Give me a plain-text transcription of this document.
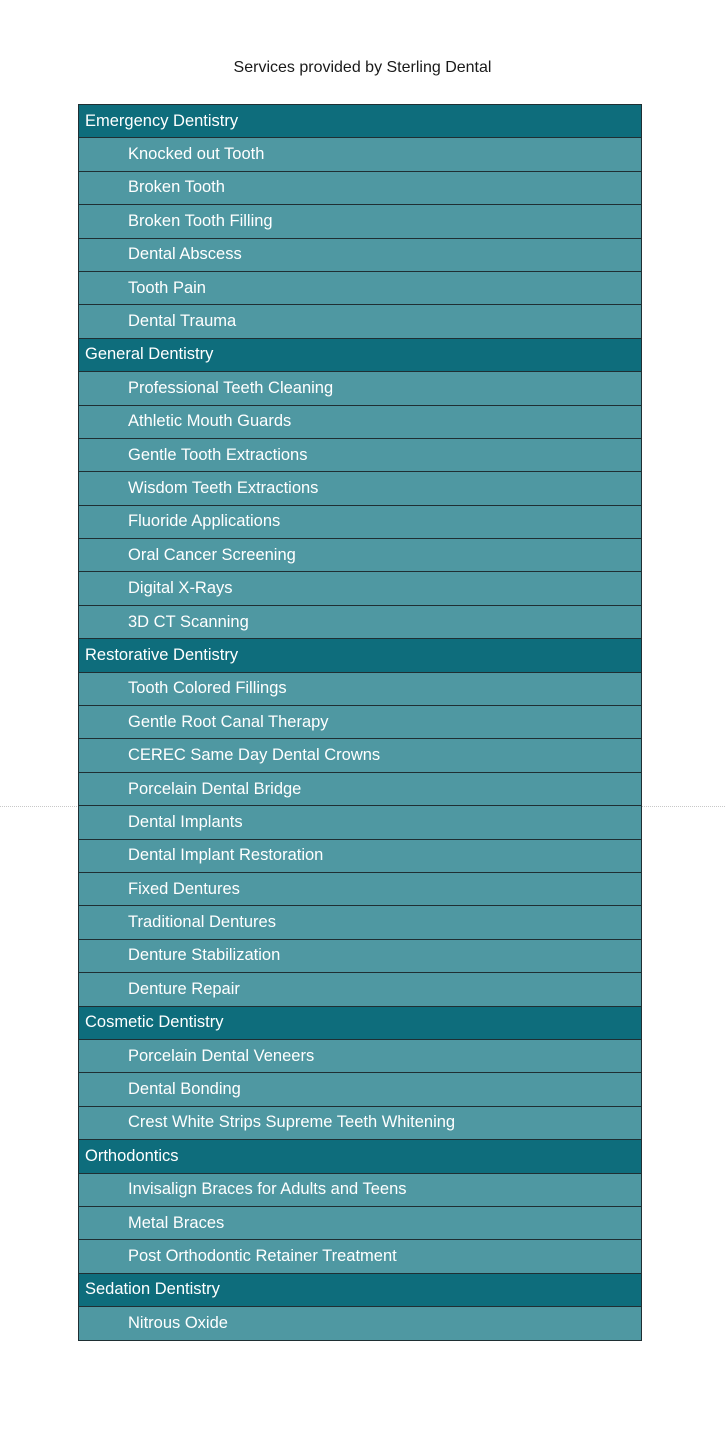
Services provided by Sterling Dental
Emergency Dentistry
Knocked out Tooth
Broken Tooth
Broken Tooth Filling
Dental Abscess
Tooth Pain
Dental Trauma
General Dentistry
Professional Teeth Cleaning
Athletic Mouth Guards
Gentle Tooth Extractions
Wisdom Teeth Extractions
Fluoride Applications
Oral Cancer Screening
Digital X-Rays
3D CT Scanning
Restorative Dentistry
Tooth Colored Fillings
Gentle Root Canal Therapy
CEREC Same Day Dental Crowns
Porcelain Dental Bridge
Dental Implants
Dental Implant Restoration
Fixed Dentures
Traditional Dentures
Denture Stabilization
Denture Repair
Cosmetic Dentistry
Porcelain Dental Veneers
Dental Bonding
Crest White Strips Supreme Teeth Whitening
Orthodontics
Invisalign Braces for Adults and Teens
Metal Braces
Post Orthodontic Retainer Treatment
Sedation Dentistry
Nitrous Oxide
